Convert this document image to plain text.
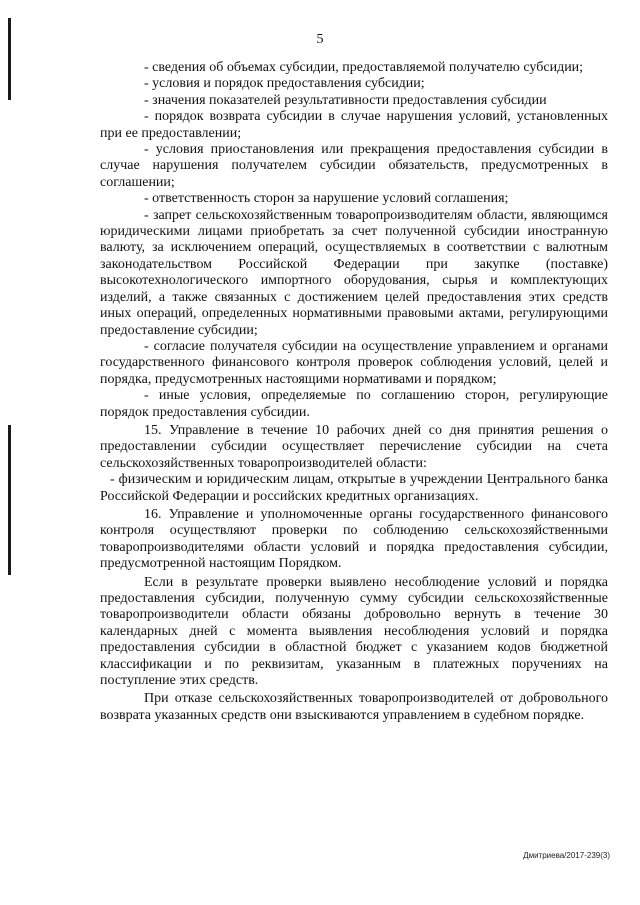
5

- сведения об объемах субсидии, предоставляемой получателю субсидии;

- условия и порядок предоставления субсидии;

- значения показателей результативности предоставления субсидии

- порядок возврата субсидии в случае нарушения условий, установленных при ее предоставлении;

- условия приостановления или прекращения предоставления субсидии в случае нарушения получателем субсидии обязательств, предусмотренных в соглашении;

- ответственность сторон за нарушение условий соглашения;

- запрет сельскохозяйственным товаропроизводителям области, являющимся юридическими лицами приобретать за счет полученной субсидии иностранную валюту, за исключением операций, осуществляемых в соответствии с валютным законодательством Российской Федерации при закупке (поставке) высокотехнологического импортного оборудования, сырья и комплектующих изделий, а также связанных с достижением целей предоставления этих средств иных операций, определенных нормативными правовыми актами, регулирующими предоставление субсидии;

- согласие получателя субсидии на осуществление управлением и органами государственного финансового контроля проверок соблюдения условий, целей и порядка, предусмотренных настоящими нормативами и порядком;

- иные условия, определяемые по соглашению сторон, регулирующие порядок предоставления субсидии.

15. Управление в течение 10 рабочих дней со дня принятия решения о предоставлении субсидии осуществляет перечисление субсидии на счета сельскохозяйственных товаропроизводителей области:

- физическим и юридическим лицам, открытые в учреждении Центрального банка Российской Федерации и российских кредитных организациях.

16. Управление и уполномоченные органы государственного финансового контроля осуществляют проверки по соблюдению сельскохозяйственными товаропроизводителями области условий и порядка предоставления субсидии, предусмотренной настоящим Порядком.

Если в результате проверки выявлено несоблюдение условий и порядка предоставления субсидии, полученную сумму субсидии сельскохозяйственные товаропроизводители области обязаны добровольно вернуть в течение 30 календарных дней с момента выявления несоблюдения условий и порядка предоставления субсидии в областной бюджет с указанием кодов бюджетной классификации и по реквизитам, указанным в платежных поручениях на поступление этих средств.

При отказе сельскохозяйственных товаропроизводителей от добровольного возврата указанных средств они взыскиваются управлением в судебном порядке.

Дмитриева/2017-239(3)
